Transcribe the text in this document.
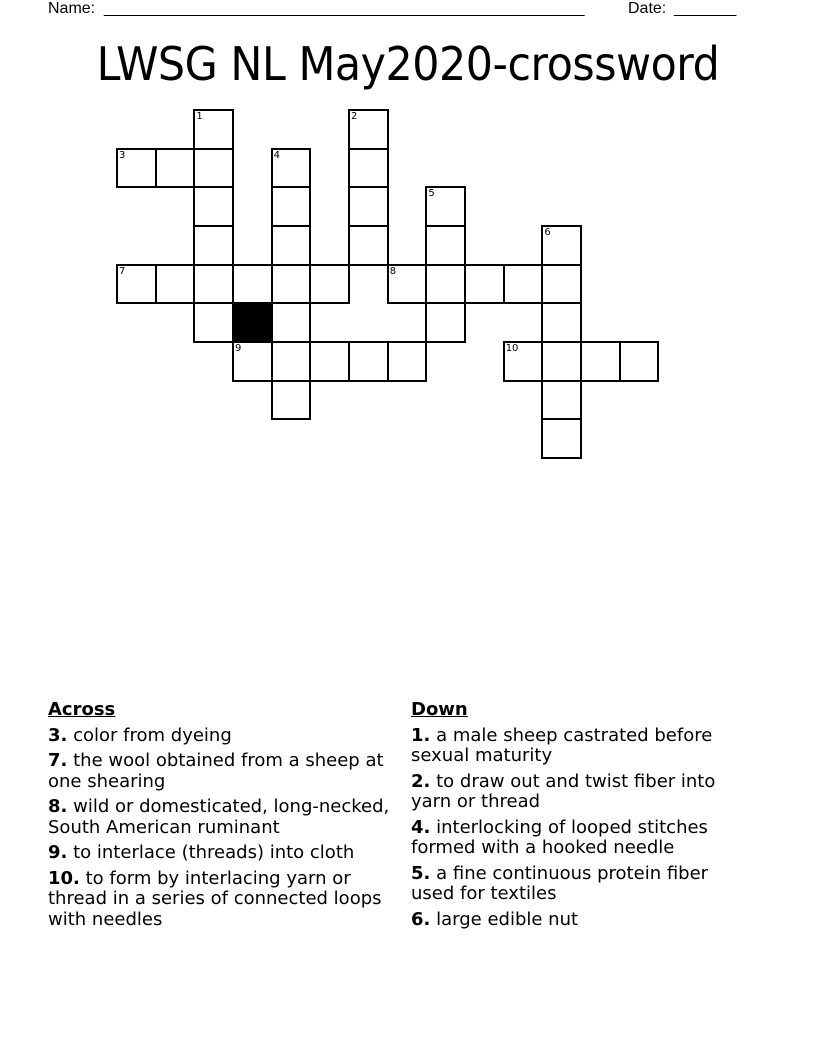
Name: ______________________________________________________	Date: _______
LWSG NL May2020-crossword
1	2
3	4
5
6
7	8
9	10
Across
3. color from dyeing
7. the wool obtained from a sheep at one shearing
8. wild or domesticated, long-necked, South American ruminant
9. to interlace (threads) into cloth
10. to form by interlacing yarn or thread in a series of connected loops with needles
Down
1. a male sheep castrated before sexual maturity
2. to draw out and twist fiber into yarn or thread
4. interlocking of looped stitches formed with a hooked needle
5. a fine continuous protein fiber used for textiles
6. large edible nut
